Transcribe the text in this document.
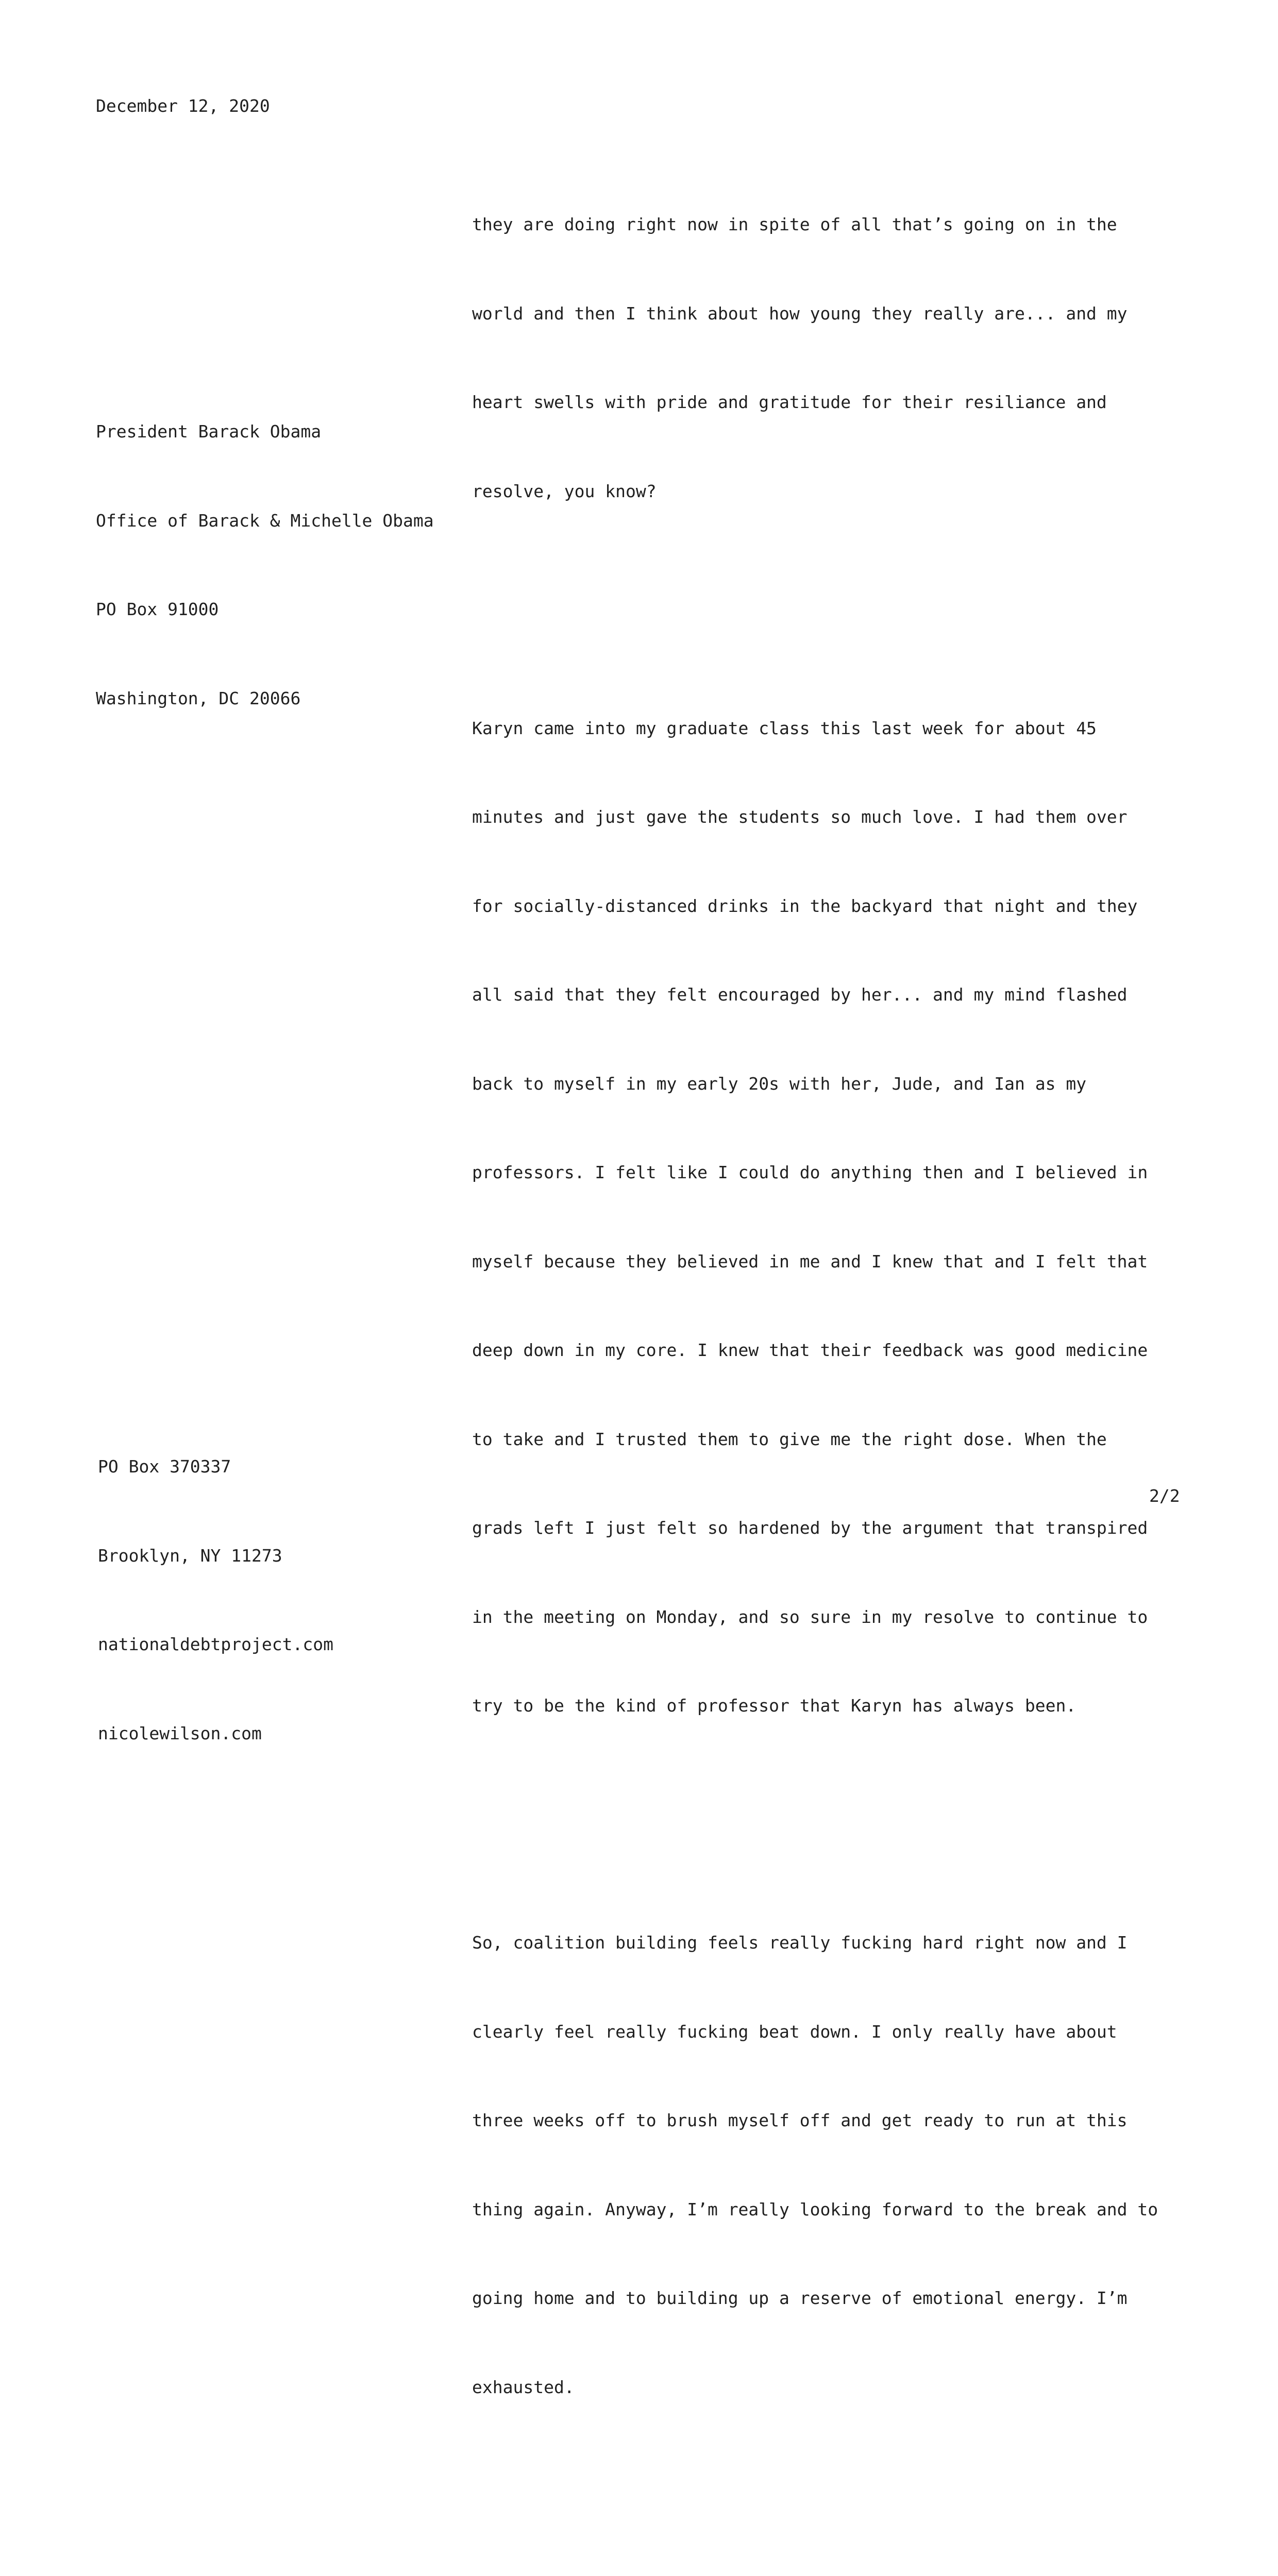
December 12, 2020

President Barack Obama

Office of Barack & Michelle Obama

PO Box 91000

Washington, DC 20066

they are doing right now in spite of all that’s going on in the

world and then I think about how young they really are... and my

heart swells with pride and gratitude for their resiliance and

resolve, you know?

Karyn came into my graduate class this last week for about 45

minutes and just gave the students so much love. I had them over

for socially-distanced drinks in the backyard that night and they

all said that they felt encouraged by her... and my mind flashed

back to myself in my early 20s with her, Jude, and Ian as my

professors. I felt like I could do anything then and I believed in

myself because they believed in me and I knew that and I felt that

deep down in my core. I knew that their feedback was good medicine

to take and I trusted them to give me the right dose. When the

grads left I just felt so hardened by the argument that transpired

in the meeting on Monday, and so sure in my resolve to continue to

try to be the kind of professor that Karyn has always been.

So, coalition building feels really fucking hard right now and I

clearly feel really fucking beat down. I only really have about

three weeks off to brush myself off and get ready to run at this

thing again. Anyway, I’m really looking forward to the break and to

going home and to building up a reserve of emotional energy. I’m

exhausted.

PO Box 370337

Brooklyn, NY 11273

nationaldebtproject.com

nicolewilson.com

2/2
